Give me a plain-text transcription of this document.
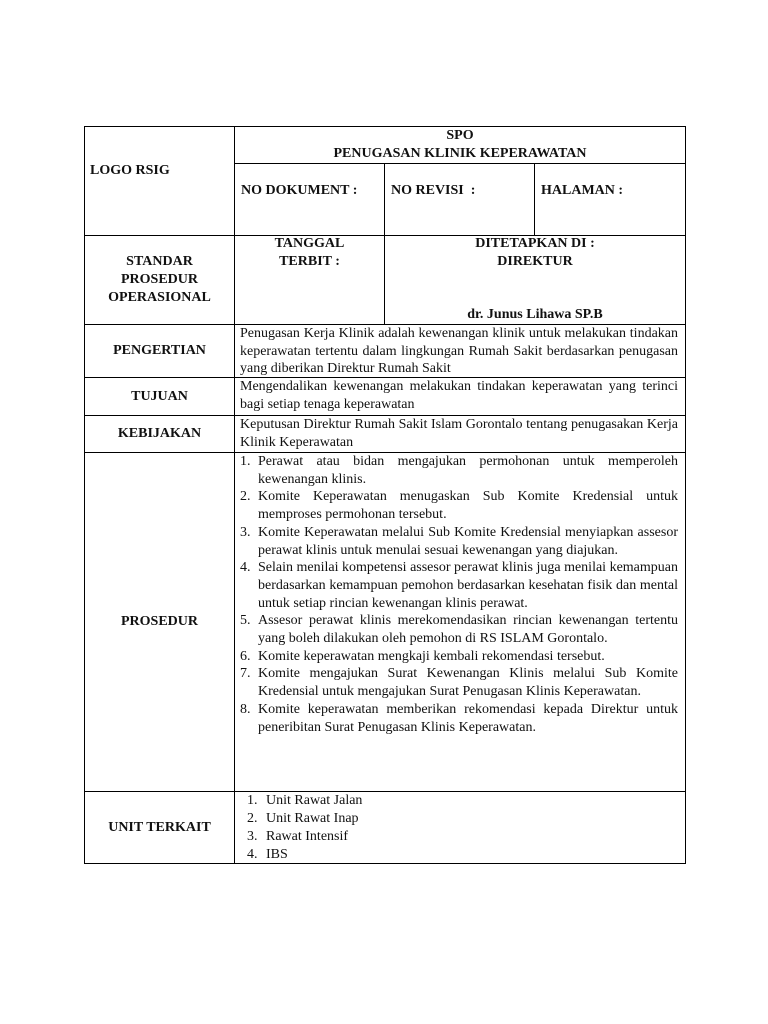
LOGO RSIG
SPO
PENUGASAN KLINIK KEPERAWATAN
NO DOKUMENT :	NO REVISI  :	HALAMAN :
STANDAR
PROSEDUR
OPERASIONAL
TANGGAL
TERBIT :
DITETAPKAN DI :
DIREKTUR
dr. Junus Lihawa SP.B
PENGERTIAN
Penugasan Kerja Klinik adalah kewenangan klinik untuk melakukan tindakan keperawatan tertentu dalam lingkungan Rumah Sakit berdasarkan penugasan yang diberikan Direktur Rumah Sakit
TUJUAN
Mengendalikan kewenangan melakukan tindakan keperawatan yang terinci bagi setiap tenaga keperawatan
KEBIJAKAN
Keputusan Direktur Rumah Sakit Islam Gorontalo tentang penugasakan Kerja Klinik Keperawatan
PROSEDUR
1. Perawat atau bidan mengajukan permohonan untuk memperoleh kewenangan klinis.
2. Komite Keperawatan menugaskan Sub Komite Kredensial untuk memproses permohonan tersebut.
3. Komite Keperawatan melalui Sub Komite Kredensial menyiapkan assesor perawat klinis untuk menulai sesuai kewenangan yang diajukan.
4. Selain menilai kompetensi assesor perawat klinis juga menilai kemampuan berdasarkan kemampuan pemohon berdasarkan kesehatan fisik dan mental untuk setiap rincian kewenangan klinis perawat.
5. Assesor perawat klinis merekomendasikan rincian kewenangan tertentu yang boleh dilakukan oleh pemohon di RS ISLAM Gorontalo.
6. Komite keperawatan mengkaji kembali rekomendasi tersebut.
7. Komite mengajukan Surat Kewenangan Klinis melalui Sub Komite Kredensial untuk mengajukan Surat Penugasan Klinis Keperawatan.
8. Komite keperawatan memberikan rekomendasi kepada Direktur untuk peneribitan Surat Penugasan Klinis Keperawatan.
UNIT TERKAIT
1. Unit Rawat Jalan
2. Unit Rawat Inap
3. Rawat Intensif
4. IBS
